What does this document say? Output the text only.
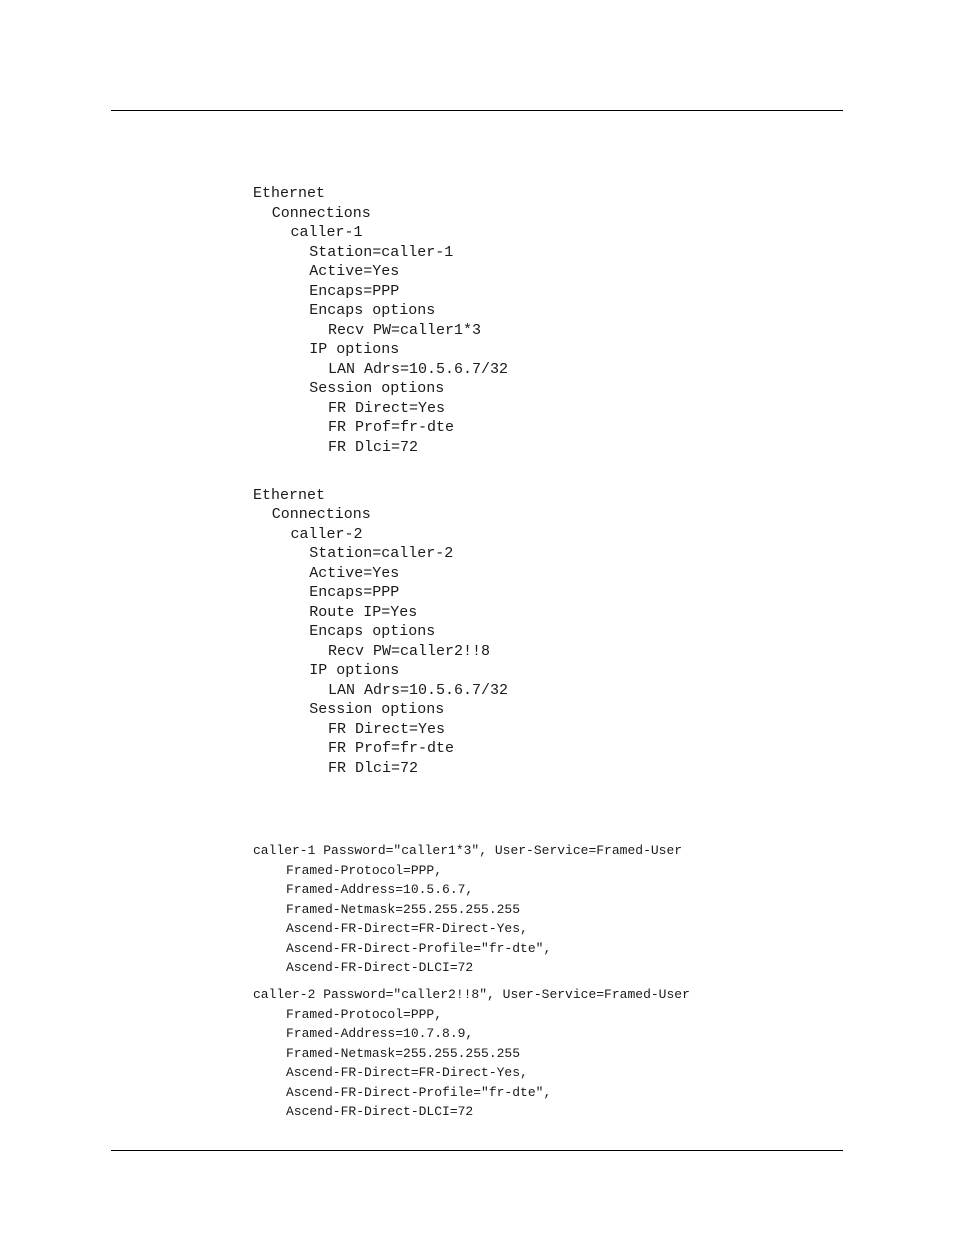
Ethernet
Connections
caller-1
Station=caller-1
Active=Yes
Encaps=PPP
Encaps options
Recv PW=caller1*3
IP options
LAN Adrs=10.5.6.7/32
Session options
FR Direct=Yes
FR Prof=fr-dte
FR Dlci=72
Ethernet
Connections
caller-2
Station=caller-2
Active=Yes
Encaps=PPP
Route IP=Yes
Encaps options
Recv PW=caller2!!8
IP options
LAN Adrs=10.5.6.7/32
Session options
FR Direct=Yes
FR Prof=fr-dte
FR Dlci=72
caller-1 Password="caller1*3", User-Service=Framed-User
Framed-Protocol=PPP,
Framed-Address=10.5.6.7,
Framed-Netmask=255.255.255.255
Ascend-FR-Direct=FR-Direct-Yes,
Ascend-FR-Direct-Profile="fr-dte",
Ascend-FR-Direct-DLCI=72
caller-2 Password="caller2!!8", User-Service=Framed-User
Framed-Protocol=PPP,
Framed-Address=10.7.8.9,
Framed-Netmask=255.255.255.255
Ascend-FR-Direct=FR-Direct-Yes,
Ascend-FR-Direct-Profile="fr-dte",
Ascend-FR-Direct-DLCI=72
